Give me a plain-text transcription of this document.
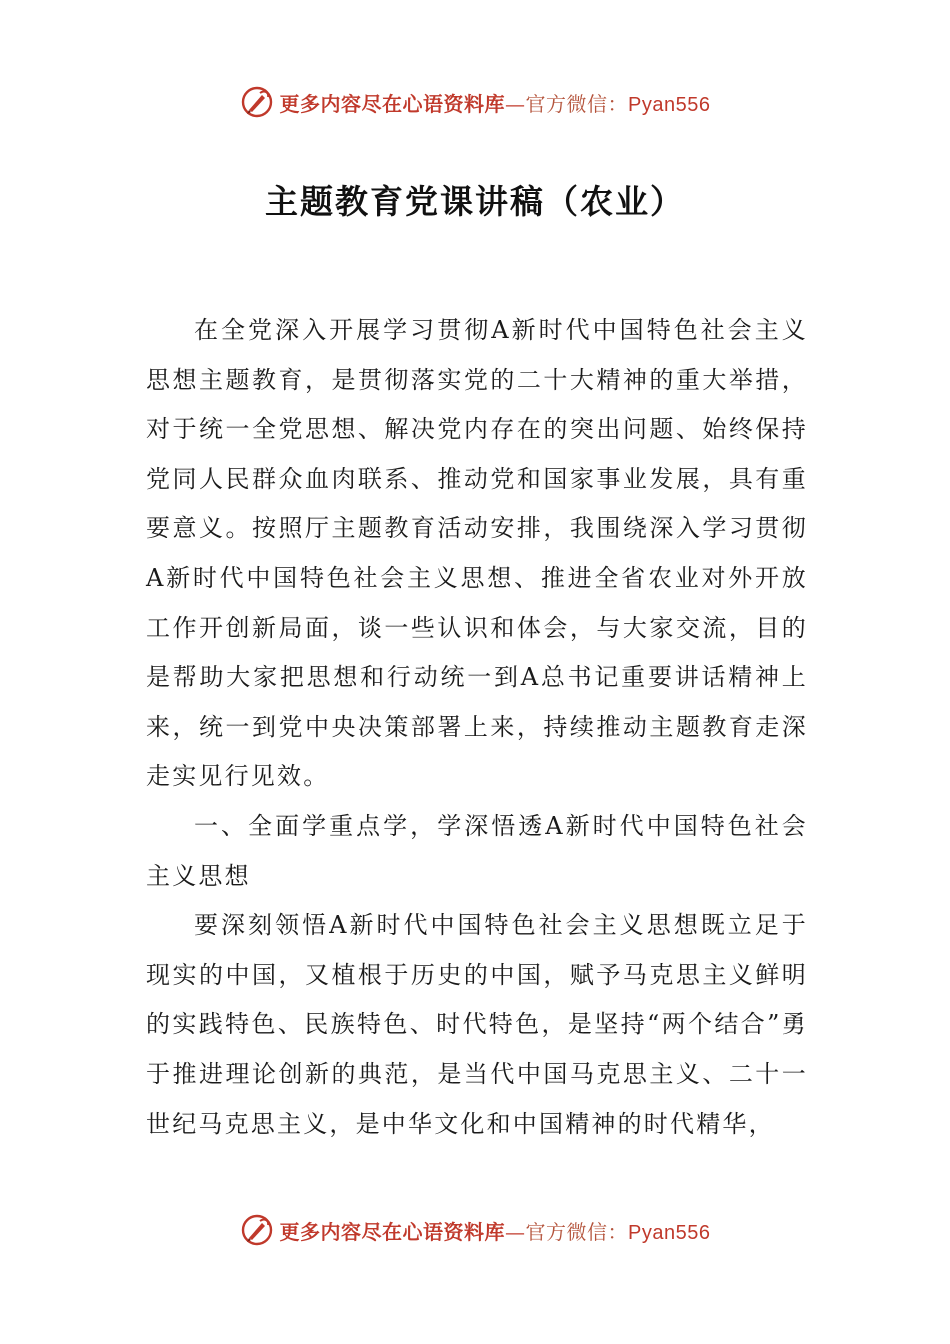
更多内容尽在心语资料库—官方微信：Pyan556
主题教育党课讲稿（农业）

在全党深入开展学习贯彻A新时代中国特色社会主义思想主题教育，是贯彻落实党的二十大精神的重大举措，对于统一全党思想、解决党内存在的突出问题、始终保持党同人民群众血肉联系、推动党和国家事业发展，具有重要意义。按照厅主题教育活动安排，我围绕深入学习贯彻A新时代中国特色社会主义思想、推进全省农业对外开放工作开创新局面，谈一些认识和体会，与大家交流，目的是帮助大家把思想和行动统一到A总书记重要讲话精神上来，统一到党中央决策部署上来，持续推动主题教育走深走实见行见效。

一、全面学重点学，学深悟透A新时代中国特色社会主义思想

要深刻领悟A新时代中国特色社会主义思想既立足于现实的中国，又植根于历史的中国，赋予马克思主义鲜明的实践特色、民族特色、时代特色，是坚持“两个结合”勇于推进理论创新的典范，是当代中国马克思主义、二十一世纪马克思主义，是中华文化和中国精神的时代精华，

更多内容尽在心语资料库—官方微信：Pyan556
